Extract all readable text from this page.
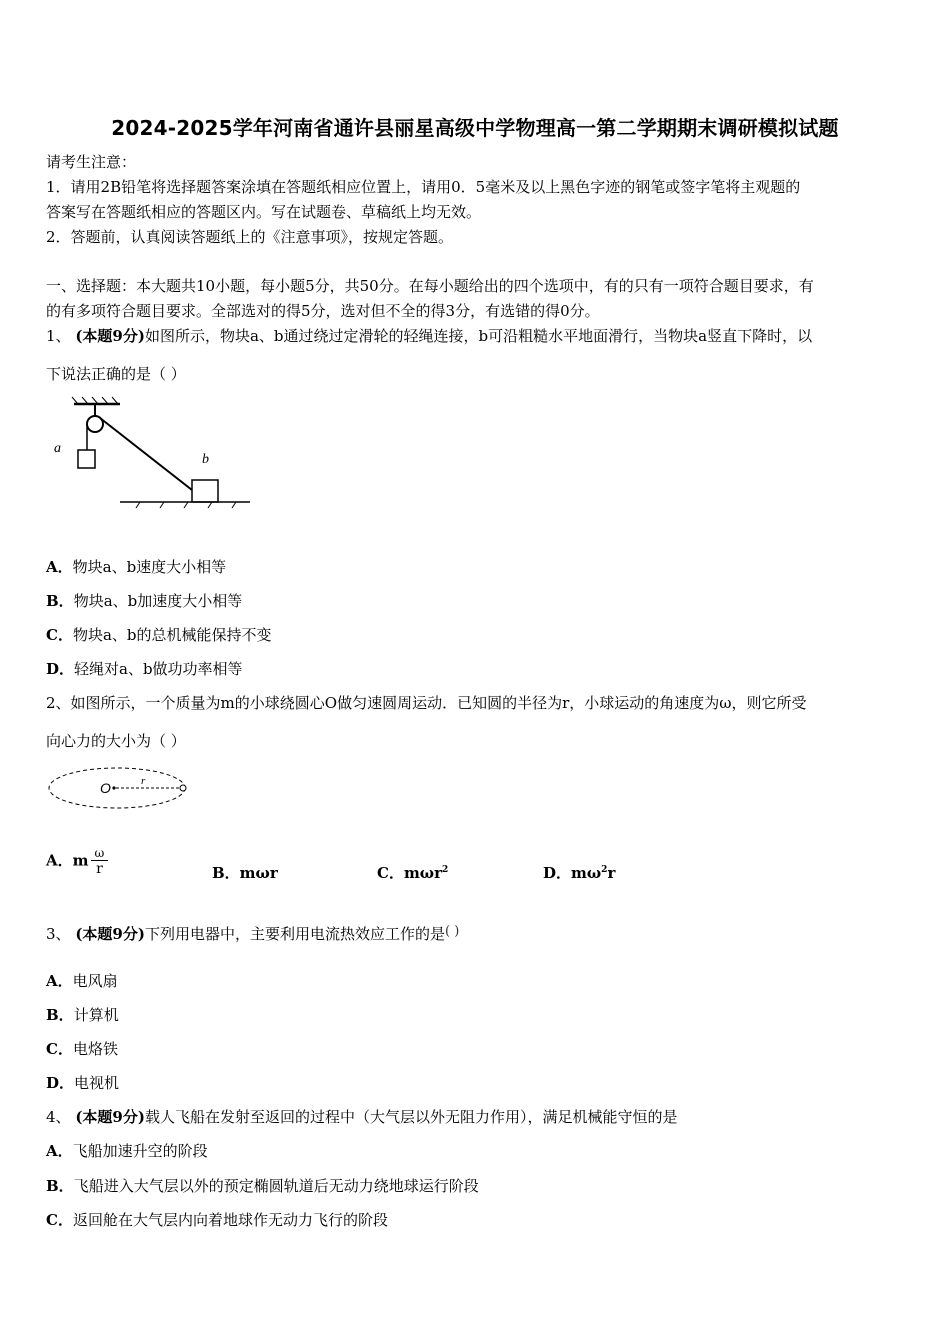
2024-2025学年河南省通许县丽星高级中学物理高一第二学期期末调研模拟试题
请考生注意：
1．请用2B铅笔将选择题答案涂填在答题纸相应位置上，请用0．5毫米及以上黑色字迹的钢笔或签字笔将主观题的
答案写在答题纸相应的答题区内。写在试题卷、草稿纸上均无效。
2．答题前，认真阅读答题纸上的《注意事项》，按规定答题。
一、选择题：本大题共10小题，每小题5分，共50分。在每小题给出的四个选项中，有的只有一项符合题目要求，有
的有多项符合题目要求。全部选对的得5分，选对但不全的得3分，有选错的得0分。
1、 (本题9分)如图所示，物块a、b通过绕过定滑轮的轻绳连接，b可沿粗糙水平地面滑行，当物块a竖直下降时，以
下说法正确的是（ ）
a
b
A．物块a、b速度大小相等
B．物块a、b加速度大小相等
C．物块a、b的总机械能保持不变
D．轻绳对a、b做功功率相等
2、如图所示，一个质量为m的小球绕圆心O做匀速圆周运动．已知圆的半径为r，小球运动的角速度为ω，则它所受
向心力的大小为（ ）
O	r
A．m $\frac{\omega}{r}$	B．mωr	C．mωr$^2$	D．$m\omega^2r$
3、 (本题9分)下列用电器中，主要利用电流热效应工作的是( )
A．电风扇
B．计算机
C．电烙铁
D．电视机
4、 (本题9分)载人飞船在发射至返回的过程中（大气层以外无阻力作用），满足机械能守恒的是
A．飞船加速升空的阶段
B．飞船进入大气层以外的预定椭圆轨道后无动力绕地球运行阶段
C．返回舱在大气层内向着地球作无动力飞行的阶段
